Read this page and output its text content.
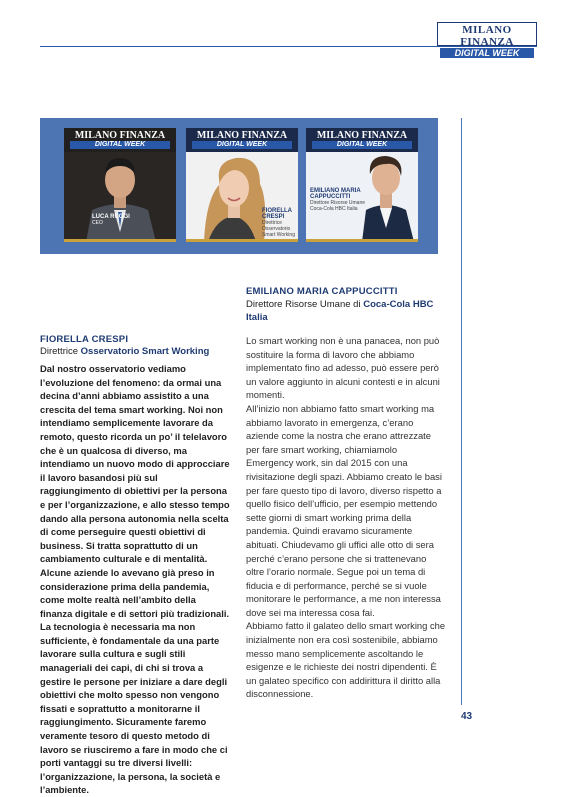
MILANO FINANZA
DIGITAL WEEK
MILANO FINANZA
DIGITAL WEEK
LUCA RUGGI
CEO
MILANO FINANZA
DIGITAL WEEK
FIORELLA CRESPI
Direttrice Osservatorio Smart Working
MILANO FINANZA
DIGITAL WEEK
EMILIANO MARIA CAPPUCCITTI
Direttore Risorse Umane Coca-Cola HBC Italia
EMILIANO MARIA CAPPUCCITTI
Direttore Risorse Umane di Coca-Cola HBC Italia
FIORELLA CRESPI
Direttrice Osservatorio Smart Working
Dal nostro osservatorio vediamo l’evoluzione del fenomeno: da ormai una decina d’anni abbiamo assistito a una crescita del tema smart working. Noi non intendiamo semplicemente lavorare da remoto, questo ricorda un po’ il telelavoro che è un qualcosa di diverso, ma intendiamo un nuovo modo di approcciare il lavoro basandosi più sul raggiungimento di obiettivi per la persona e per l’organizzazione, e allo stesso tempo dando alla persona autonomia nella scelta di come perseguire questi obiettivi di business. Si tratta soprattutto di un cambiamento culturale e di mentalità. Alcune aziende lo avevano già preso in considerazione prima della pandemia, come molte realtà nell’ambito della finanza digitale e di settori più tradizionali. La tecnologia è necessaria ma non sufficiente, è fondamentale da una parte lavorare sulla cultura e sugli stili manageriali dei capi, di chi si trova a gestire le persone per iniziare a dare degli obiettivi che molto spesso non vengono fissati e soprattutto a monitorarne il raggiungimento. Sicuramente faremo veramente tesoro di questo metodo di lavoro se riusciremo a fare in modo che ci porti vantaggi su tre diversi livelli: l’organizzazione, la persona, la società e l’ambiente.

Lo smart working non è una panacea, non può sostituire la forma di lavoro che abbiamo implementato fino ad adesso, può essere però un valore aggiunto in alcuni contesti e in alcuni momenti.

All’inizio non abbiamo fatto smart working ma abbiamo lavorato in emergenza, c’erano aziende come la nostra che erano attrezzate per fare smart working, chiamiamolo Emergency work, sin dal 2015 con una rivisitazione degli spazi. Abbiamo creato le basi per fare questo tipo di lavoro, diverso rispetto a quello fisico dell’ufficio, per esempio mettendo sette giorni di smart working prima della pandemia. Quindi eravamo sicuramente abituati. Chiudevamo gli uffici alle otto di sera perché c’erano persone che si trattenevano oltre l’orario normale. Segue poi un tema di fiducia e di performance, perché se si vuole monitorare le performance, a me non interessa dove sei ma interessa cosa fai.

Abbiamo fatto il galateo dello smart working che inizialmente non era così sostenibile, abbiamo messo mano semplicemente ascoltando le esigenze e le richieste dei nostri dipendenti. È un galateo specifico con addirittura il diritto alla disconnessione.

43
